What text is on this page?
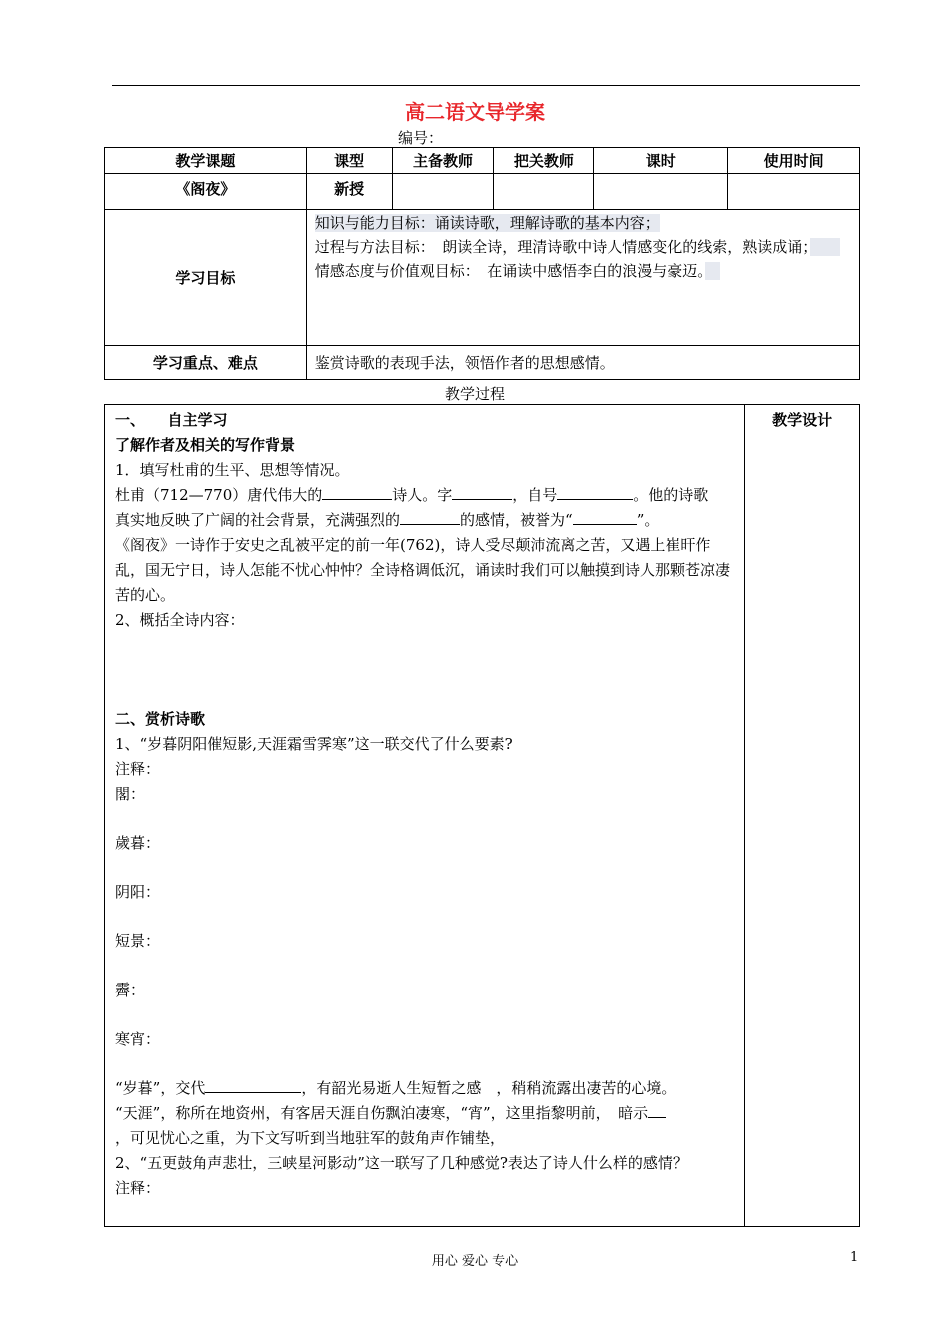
高二语文导学案
编号：
教学课题	课型	主备教师	把关教师	课时	使用时间
《阁夜》	新授				
学习目标	知识与能力目标：诵读诗歌，理解诗歌的基本内容；
过程与方法目标：　朗读全诗，理清诗歌中诗人情感变化的线索，熟读成诵；　　
情感态度与价值观目标：　在诵读中感悟李白的浪漫与豪迈。				　

学习重点、难点	鉴赏诗歌的表现手法，领悟作者的思想感情。				
教学过程

一、　　自主学习

了解作者及相关的写作背景

1．填写杜甫的生平、思想等情况。

杜甫（712—770）唐代伟大的	诗人。字	，自号	。他的诗歌

真实地反映了广阔的社会背景，充满强烈的	的感情，被誉为“	”。

《阁夜》一诗作于安史之乱被平定的前一年(762)，诗人受尽颠沛流离之苦，又遇上崔旰作乱，国无宁日，诗人怎能不忧心忡忡？全诗格调低沉，诵读时我们可以触摸到诗人那颗苍凉凄苦的心。

2、概括全诗内容：

二、赏析诗歌

1、“岁暮阴阳催短影,天涯霜雪霁寒”这一联交代了什么要素?

注释：

閣：

歲暮：

阴阳：

短景：

霽：

寒宵：

“岁暮”，交代	，有韶光易逝人生短暂之感　，稍稍流露出凄苦的心境。

“天涯”，称所在地资州，有客居天涯自伤飘泊凄寒，“宵”，这里指黎明前，　暗示

，可见忧心之重，为下文写听到当地驻军的鼓角声作铺垫，

2、“五更鼓角声悲壮，三峡星河影动”这一联写了几种感觉?表达了诗人什么样的感情？

注释：

教学设计
用心 爱心 专心	1
